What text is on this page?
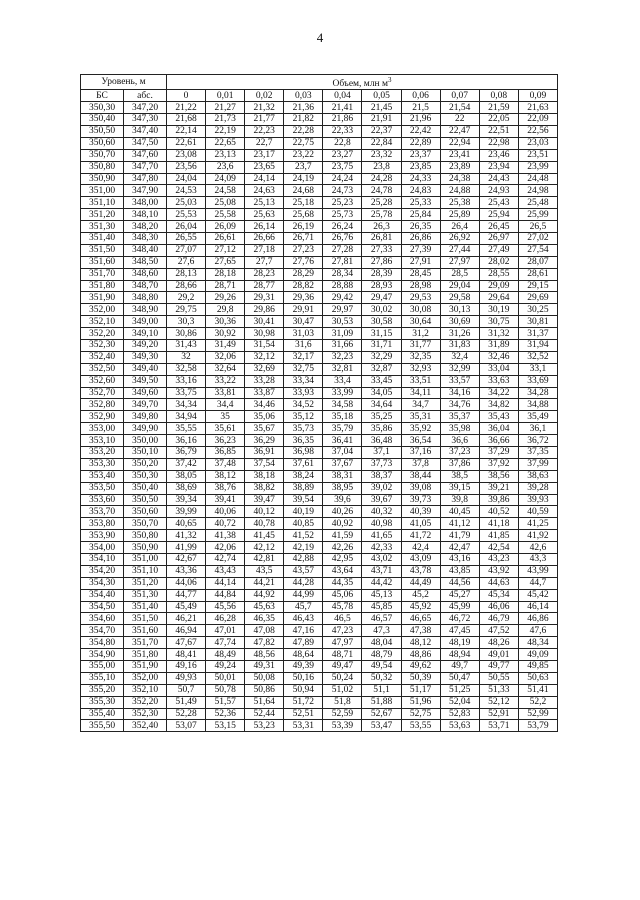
4
Уровень, м		Объем, млн $м^3$
БС	абс.	0	0,01	0,02	0,03	0,04	0,05	0,06	0,07	0,08	0,09
350,30	347,20	21,22	21,27	21,32	21,36	21,41	21,45	21,5	21,54	21,59	21,63
350,40	347,30	21,68	21,73	21,77	21,82	21,86	21,91	21,96	22	22,05	22,09
350,50	347,40	22,14	22,19	22,23	22,28	22,33	22,37	22,42	22,47	22,51	22,56
350,60	347,50	22,61	22,65	22,7	22,75	22,8	22,84	22,89	22,94	22,98	23,03
350,70	347,60	23,08	23,13	23,17	23,22	23,27	23,32	23,37	23,41	23,46	23,51
350,80	347,70	23,56	23,6	23,65	23,7	23,75	23,8	23,85	23,89	23,94	23,99
350,90	347,80	24,04	24,09	24,14	24,19	24,24	24,28	24,33	24,38	24,43	24,48
351,00	347,90	24,53	24,58	24,63	24,68	24,73	24,78	24,83	24,88	24,93	24,98
351,10	348,00	25,03	25,08	25,13	25,18	25,23	25,28	25,33	25,38	25,43	25,48
351,20	348,10	25,53	25,58	25,63	25,68	25,73	25,78	25,84	25,89	25,94	25,99
351,30	348,20	26,04	26,09	26,14	26,19	26,24	26,3	26,35	26,4	26,45	26,5
351,40	348,30	26,55	26,61	26,66	26,71	26,76	26,81	26,86	26,92	26,97	27,02
351,50	348,40	27,07	27,12	27,18	27,23	27,28	27,33	27,39	27,44	27,49	27,54
351,60	348,50	27,6	27,65	27,7	27,76	27,81	27,86	27,91	27,97	28,02	28,07
351,70	348,60	28,13	28,18	28,23	28,29	28,34	28,39	28,45	28,5	28,55	28,61
351,80	348,70	28,66	28,71	28,77	28,82	28,88	28,93	28,98	29,04	29,09	29,15
351,90	348,80	29,2	29,26	29,31	29,36	29,42	29,47	29,53	29,58	29,64	29,69
352,00	348,90	29,75	29,8	29,86	29,91	29,97	30,02	30,08	30,13	30,19	30,25
352,10	349,00	30,3	30,36	30,41	30,47	30,53	30,58	30,64	30,69	30,75	30,81
352,20	349,10	30,86	30,92	30,98	31,03	31,09	31,15	31,2	31,26	31,32	31,37
352,30	349,20	31,43	31,49	31,54	31,6	31,66	31,71	31,77	31,83	31,89	31,94
352,40	349,30	32	32,06	32,12	32,17	32,23	32,29	32,35	32,4	32,46	32,52
352,50	349,40	32,58	32,64	32,69	32,75	32,81	32,87	32,93	32,99	33,04	33,1
352,60	349,50	33,16	33,22	33,28	33,34	33,4	33,45	33,51	33,57	33,63	33,69
352,70	349,60	33,75	33,81	33,87	33,93	33,99	34,05	34,11	34,16	34,22	34,28
352,80	349,70	34,34	34,4	34,46	34,52	34,58	34,64	34,7	34,76	34,82	34,88
352,90	349,80	34,94	35	35,06	35,12	35,18	35,25	35,31	35,37	35,43	35,49
353,00	349,90	35,55	35,61	35,67	35,73	35,79	35,86	35,92	35,98	36,04	36,1
353,10	350,00	36,16	36,23	36,29	36,35	36,41	36,48	36,54	36,6	36,66	36,72
353,20	350,10	36,79	36,85	36,91	36,98	37,04	37,1	37,16	37,23	37,29	37,35
353,30	350,20	37,42	37,48	37,54	37,61	37,67	37,73	37,8	37,86	37,92	37,99
353,40	350,30	38,05	38,12	38,18	38,24	38,31	38,37	38,44	38,5	38,56	38,63
353,50	350,40	38,69	38,76	38,82	38,89	38,95	39,02	39,08	39,15	39,21	39,28
353,60	350,50	39,34	39,41	39,47	39,54	39,6	39,67	39,73	39,8	39,86	39,93
353,70	350,60	39,99	40,06	40,12	40,19	40,26	40,32	40,39	40,45	40,52	40,59
353,80	350,70	40,65	40,72	40,78	40,85	40,92	40,98	41,05	41,12	41,18	41,25
353,90	350,80	41,32	41,38	41,45	41,52	41,59	41,65	41,72	41,79	41,85	41,92
354,00	350,90	41,99	42,06	42,12	42,19	42,26	42,33	42,4	42,47	42,54	42,6
354,10	351,00	42,67	42,74	42,81	42,88	42,95	43,02	43,09	43,16	43,23	43,3
354,20	351,10	43,36	43,43	43,5	43,57	43,64	43,71	43,78	43,85	43,92	43,99
354,30	351,20	44,06	44,14	44,21	44,28	44,35	44,42	44,49	44,56	44,63	44,7
354,40	351,30	44,77	44,84	44,92	44,99	45,06	45,13	45,2	45,27	45,34	45,42
354,50	351,40	45,49	45,56	45,63	45,7	45,78	45,85	45,92	45,99	46,06	46,14
354,60	351,50	46,21	46,28	46,35	46,43	46,5	46,57	46,65	46,72	46,79	46,86
354,70	351,60	46,94	47,01	47,08	47,16	47,23	47,3	47,38	47,45	47,52	47,6
354,80	351,70	47,67	47,74	47,82	47,89	47,97	48,04	48,12	48,19	48,26	48,34
354,90	351,80	48,41	48,49	48,56	48,64	48,71	48,79	48,86	48,94	49,01	49,09
355,00	351,90	49,16	49,24	49,31	49,39	49,47	49,54	49,62	49,7	49,77	49,85
355,10	352,00	49,93	50,01	50,08	50,16	50,24	50,32	50,39	50,47	50,55	50,63
355,20	352,10	50,7	50,78	50,86	50,94	51,02	51,1	51,17	51,25	51,33	51,41
355,30	352,20	51,49	51,57	51,64	51,72	51,8	51,88	51,96	52,04	52,12	52,2
355,40	352,30	52,28	52,36	52,44	52,51	52,59	52,67	52,75	52,83	52,91	52,99
355,50	352,40	53,07	53,15	53,23	53,31	53,39	53,47	53,55	53,63	53,71	53,79
